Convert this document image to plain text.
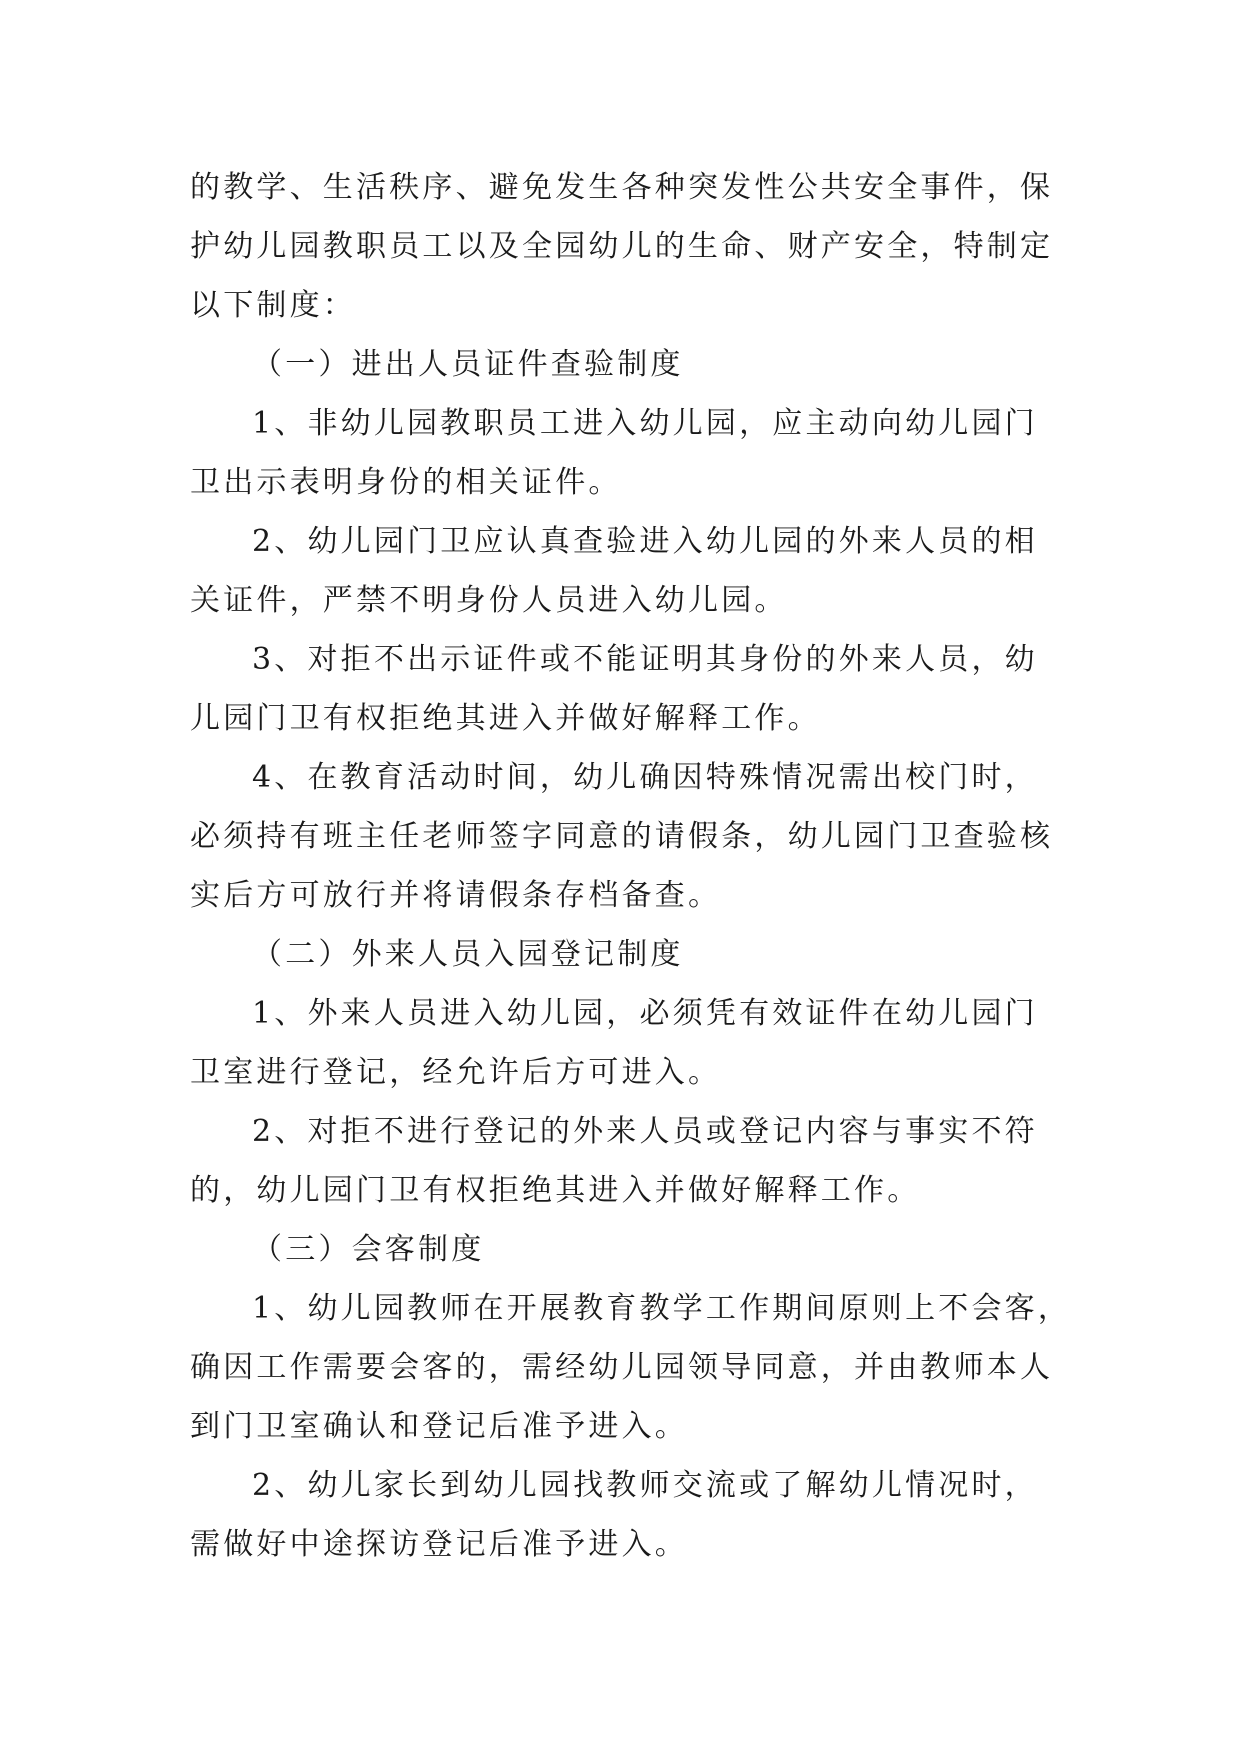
的教学、生活秩序、避免发生各种突发性公共安全事件，保

护幼儿园教职员工以及全园幼儿的生命、财产安全，特制定

以下制度：

（一）进出人员证件查验制度

1、非幼儿园教职员工进入幼儿园，应主动向幼儿园门

卫出示表明身份的相关证件。

2、幼儿园门卫应认真查验进入幼儿园的外来人员的相

关证件，严禁不明身份人员进入幼儿园。

3、对拒不出示证件或不能证明其身份的外来人员，幼

儿园门卫有权拒绝其进入并做好解释工作。

4、在教育活动时间，幼儿确因特殊情况需出校门时，

必须持有班主任老师签字同意的请假条，幼儿园门卫查验核

实后方可放行并将请假条存档备查。

（二）外来人员入园登记制度

1、外来人员进入幼儿园，必须凭有效证件在幼儿园门

卫室进行登记，经允许后方可进入。

2、对拒不进行登记的外来人员或登记内容与事实不符

的，幼儿园门卫有权拒绝其进入并做好解释工作。

（三）会客制度

1、幼儿园教师在开展教育教学工作期间原则上不会客，

确因工作需要会客的，需经幼儿园领导同意，并由教师本人

到门卫室确认和登记后准予进入。

2、幼儿家长到幼儿园找教师交流或了解幼儿情况时，

需做好中途探访登记后准予进入。
